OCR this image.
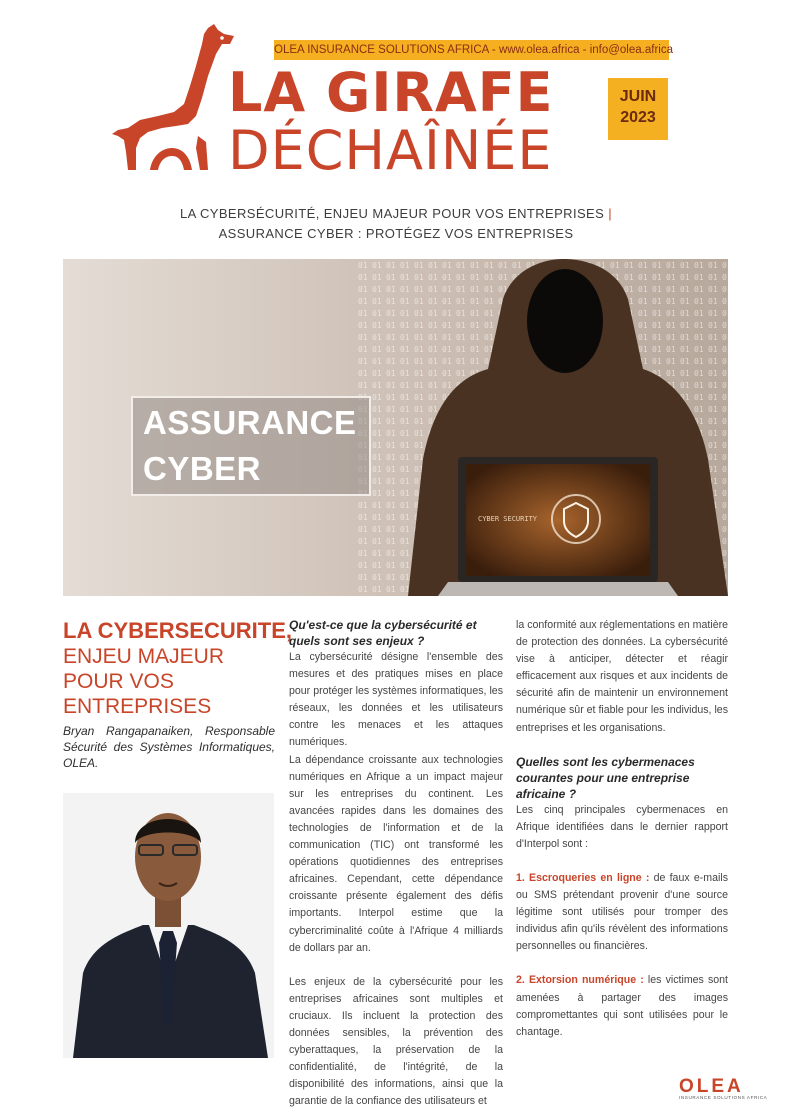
OLEA INSURANCE SOLUTIONS AFRICA - www.olea.africa - info@olea.africa
LA GIRAFE
DÉCHAÎNÉE
JUIN
2023
LA CYBERSÉCURITÉ, ENJEU MAJEUR POUR VOS ENTREPRISES |
ASSURANCE CYBER : PROTÉGEZ VOS ENTREPRISES
CYBER SECURITY
ASSURANCE
CYBER
LA CYBERSECURITE,
ENJEU MAJEUR POUR VOS ENTREPRISES
Bryan Rangapanaiken, Responsable Sécurité des Systèmes Informatiques, OLEA.
Qu'est-ce que la cybersécurité et quels sont ses enjeux ?

La cybersécurité désigne l'ensemble des mesures et des pratiques mises en place pour protéger les systèmes informatiques, les réseaux, les données et les utilisateurs contre les menaces et les attaques numériques.

La dépendance croissante aux technologies numériques en Afrique a un impact majeur sur les entreprises du continent. Les avancées rapides dans les domaines des technologies de l'information et de la communication (TIC) ont transformé les opérations quotidiennes des entreprises africaines. Cependant, cette dépendance croissante présente également des défis importants. Interpol estime que la cybercriminalité coûte à l'Afrique 4 milliards de dollars par an.

Les enjeux de la cybersécurité pour les entreprises africaines sont multiples et cruciaux. Ils incluent la protection des données sensibles, la prévention des cyberattaques, la préservation de la confidentialité, de l'intégrité, de la disponibilité des informations, ainsi que la garantie de la confiance des utilisateurs et

la conformité aux réglementations en matière de protection des données. La cybersécurité vise à anticiper, détecter et réagir efficacement aux risques et aux incidents de sécurité afin de maintenir un environnement numérique sûr et fiable pour les individus, les entreprises et les organisations.

Quelles sont les cybermenaces courantes pour une entreprise africaine ?

Les cinq principales cybermenaces en Afrique identifiées dans le dernier rapport d'Interpol sont :

1. Escroqueries en ligne : de faux e-mails ou SMS prétendant provenir d'une source légitime sont utilisés pour tromper des individus afin qu'ils révèlent des informations personnelles ou financières.

2. Extorsion numérique : les victimes sont amenées à partager des images compromettantes qui sont utilisées pour le chantage.

OLEA
INSURANCE SOLUTIONS AFRICA
